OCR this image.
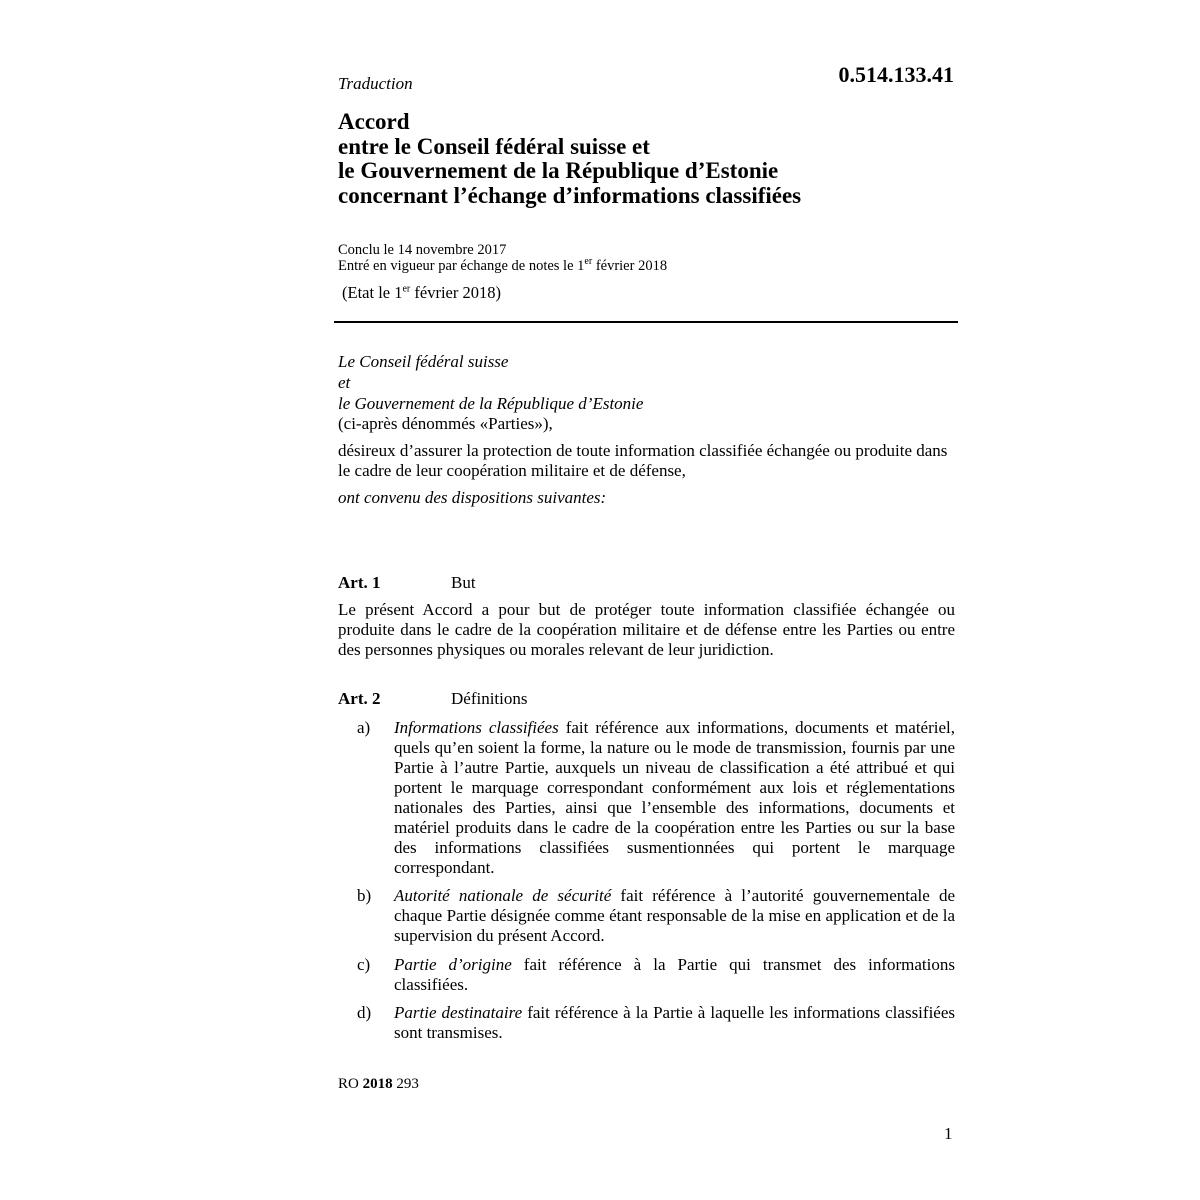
Traduction	0.514.133.41
Accord
entre le Conseil fédéral suisse et
le Gouvernement de la République d’Estonie
concernant l’échange d’informations classifiées
Conclu le 14 novembre 2017
Entré en vigueur par échange de notes le 1er février 2018
(Etat le 1er février 2018)
Le Conseil fédéral suisse
et
le Gouvernement de la République d’Estonie
(ci-après dénommés «Parties»),
désireux d’assurer la protection de toute information classifiée échangée ou produite dans le cadre de leur coopération militaire et de défense,
ont convenu des dispositions suivantes:
Art. 1	But
Le présent Accord a pour but de protéger toute information classifiée échangée ou produite dans le cadre de la coopération militaire et de défense entre les Parties ou entre des personnes physiques ou morales relevant de leur juridiction.
Art. 2	Définitions
a)	Informations classifiées fait référence aux informations, documents et matériel, quels qu’en soient la forme, la nature ou le mode de transmission, fournis par une Partie à l’autre Partie, auxquels un niveau de classification a été attribué et qui portent le marquage correspondant conformément aux lois et réglementations nationales des Parties, ainsi que l’ensemble des informations, documents et matériel produits dans le cadre de la coopération entre les Parties ou sur la base des informations classifiées susmentionnées qui portent le marquage correspondant.
b)	Autorité nationale de sécurité fait référence à l’autorité gouvernementale de chaque Partie désignée comme étant responsable de la mise en application et de la supervision du présent Accord.
c)	Partie d’origine fait référence à la Partie qui transmet des informations classifiées.
d)	Partie destinataire fait référence à la Partie à laquelle les informations classifiées sont transmises.
RO 2018 293
1
